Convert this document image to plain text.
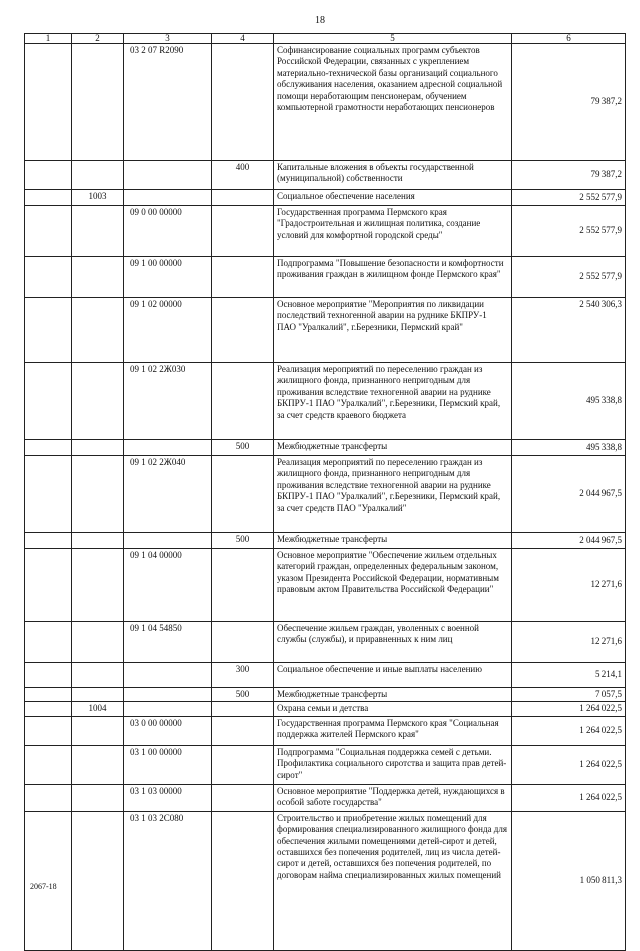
18
1	2	3	4	5	6
		03 2 07 R2090		Софинансирование социальных программ субъектов Российской Федерации, связанных с укреплением материально-технической базы организаций социального обслуживания населения, оказанием адресной социальной помощи неработающим пенсионерам, обучением компьютерной грамотности неработающих пенсионеров	79 387,2
			400	Капитальные вложения в объекты государственной (муниципальной) собственности	79 387,2
	1003			Социальное обеспечение населения	2 552 577,9
		09 0 00 00000		Государственная программа Пермского края "Градостроительная и жилищная политика, создание условий для комфортной городской среды"	2 552 577,9
		09 1 00 00000		Подпрограмма "Повышение безопасности и комфортности проживания граждан в жилищном фонде Пермского края"	2 552 577,9
		09 1 02 00000		Основное мероприятие "Мероприятия по ликвидации последствий техногенной аварии на руднике БКПРУ-1 ПАО "Уралкалий", г.Березники, Пермский край"	2 540 306,3
		09 1 02 2Ж030		Реализация мероприятий по переселению граждан из жилищного фонда, признанного непригодным для проживания вследствие техногенной аварии на руднике БКПРУ-1 ПАО "Уралкалий", г.Березники, Пермский край, за счет средств краевого бюджета	495 338,8
			500	Межбюджетные трансферты	495 338,8
		09 1 02 2Ж040		Реализация мероприятий по переселению граждан из жилищного фонда, признанного непригодным для проживания вследствие техногенной аварии на руднике БКПРУ-1 ПАО "Уралкалий", г.Березники, Пермский край, за счет средств ПАО "Уралкалий"	2 044 967,5
			500	Межбюджетные трансферты	2 044 967,5
		09 1 04 00000		Основное мероприятие "Обеспечение жильем отдельных категорий граждан, определенных федеральным законом, указом Президента Российской Федерации, нормативным правовым актом Правительства Российской Федерации"	12 271,6
		09 1 04 54850		Обеспечение жильем граждан, уволенных с военной службы (службы), и приравненных к ним лиц	12 271,6
			300	Социальное обеспечение и иные выплаты населению	5 214,1
			500	Межбюджетные трансферты	7 057,5
	1004			Охрана семьи и детства	1 264 022,5
		03 0 00 00000		Государственная программа Пермского края "Социальная поддержка жителей Пермского края"	1 264 022,5
		03 1 00 00000		Подпрограмма "Социальная поддержка семей с детьми. Профилактика социального сиротства и защита прав детей-сирот"	1 264 022,5
		03 1 03 00000		Основное мероприятие "Поддержка детей, нуждающихся в особой заботе государства"	1 264 022,5
		03 1 03 2С080		Строительство и приобретение жилых помещений для формирования специализированного жилищного фонда для обеспечения жилыми помещениями детей-сирот и детей, оставшихся без попечения родителей, лиц из числа детей-сирот и детей, оставшихся без попечения родителей, по договорам найма специализированных жилых помещений	1 050 811,3
2067-18
